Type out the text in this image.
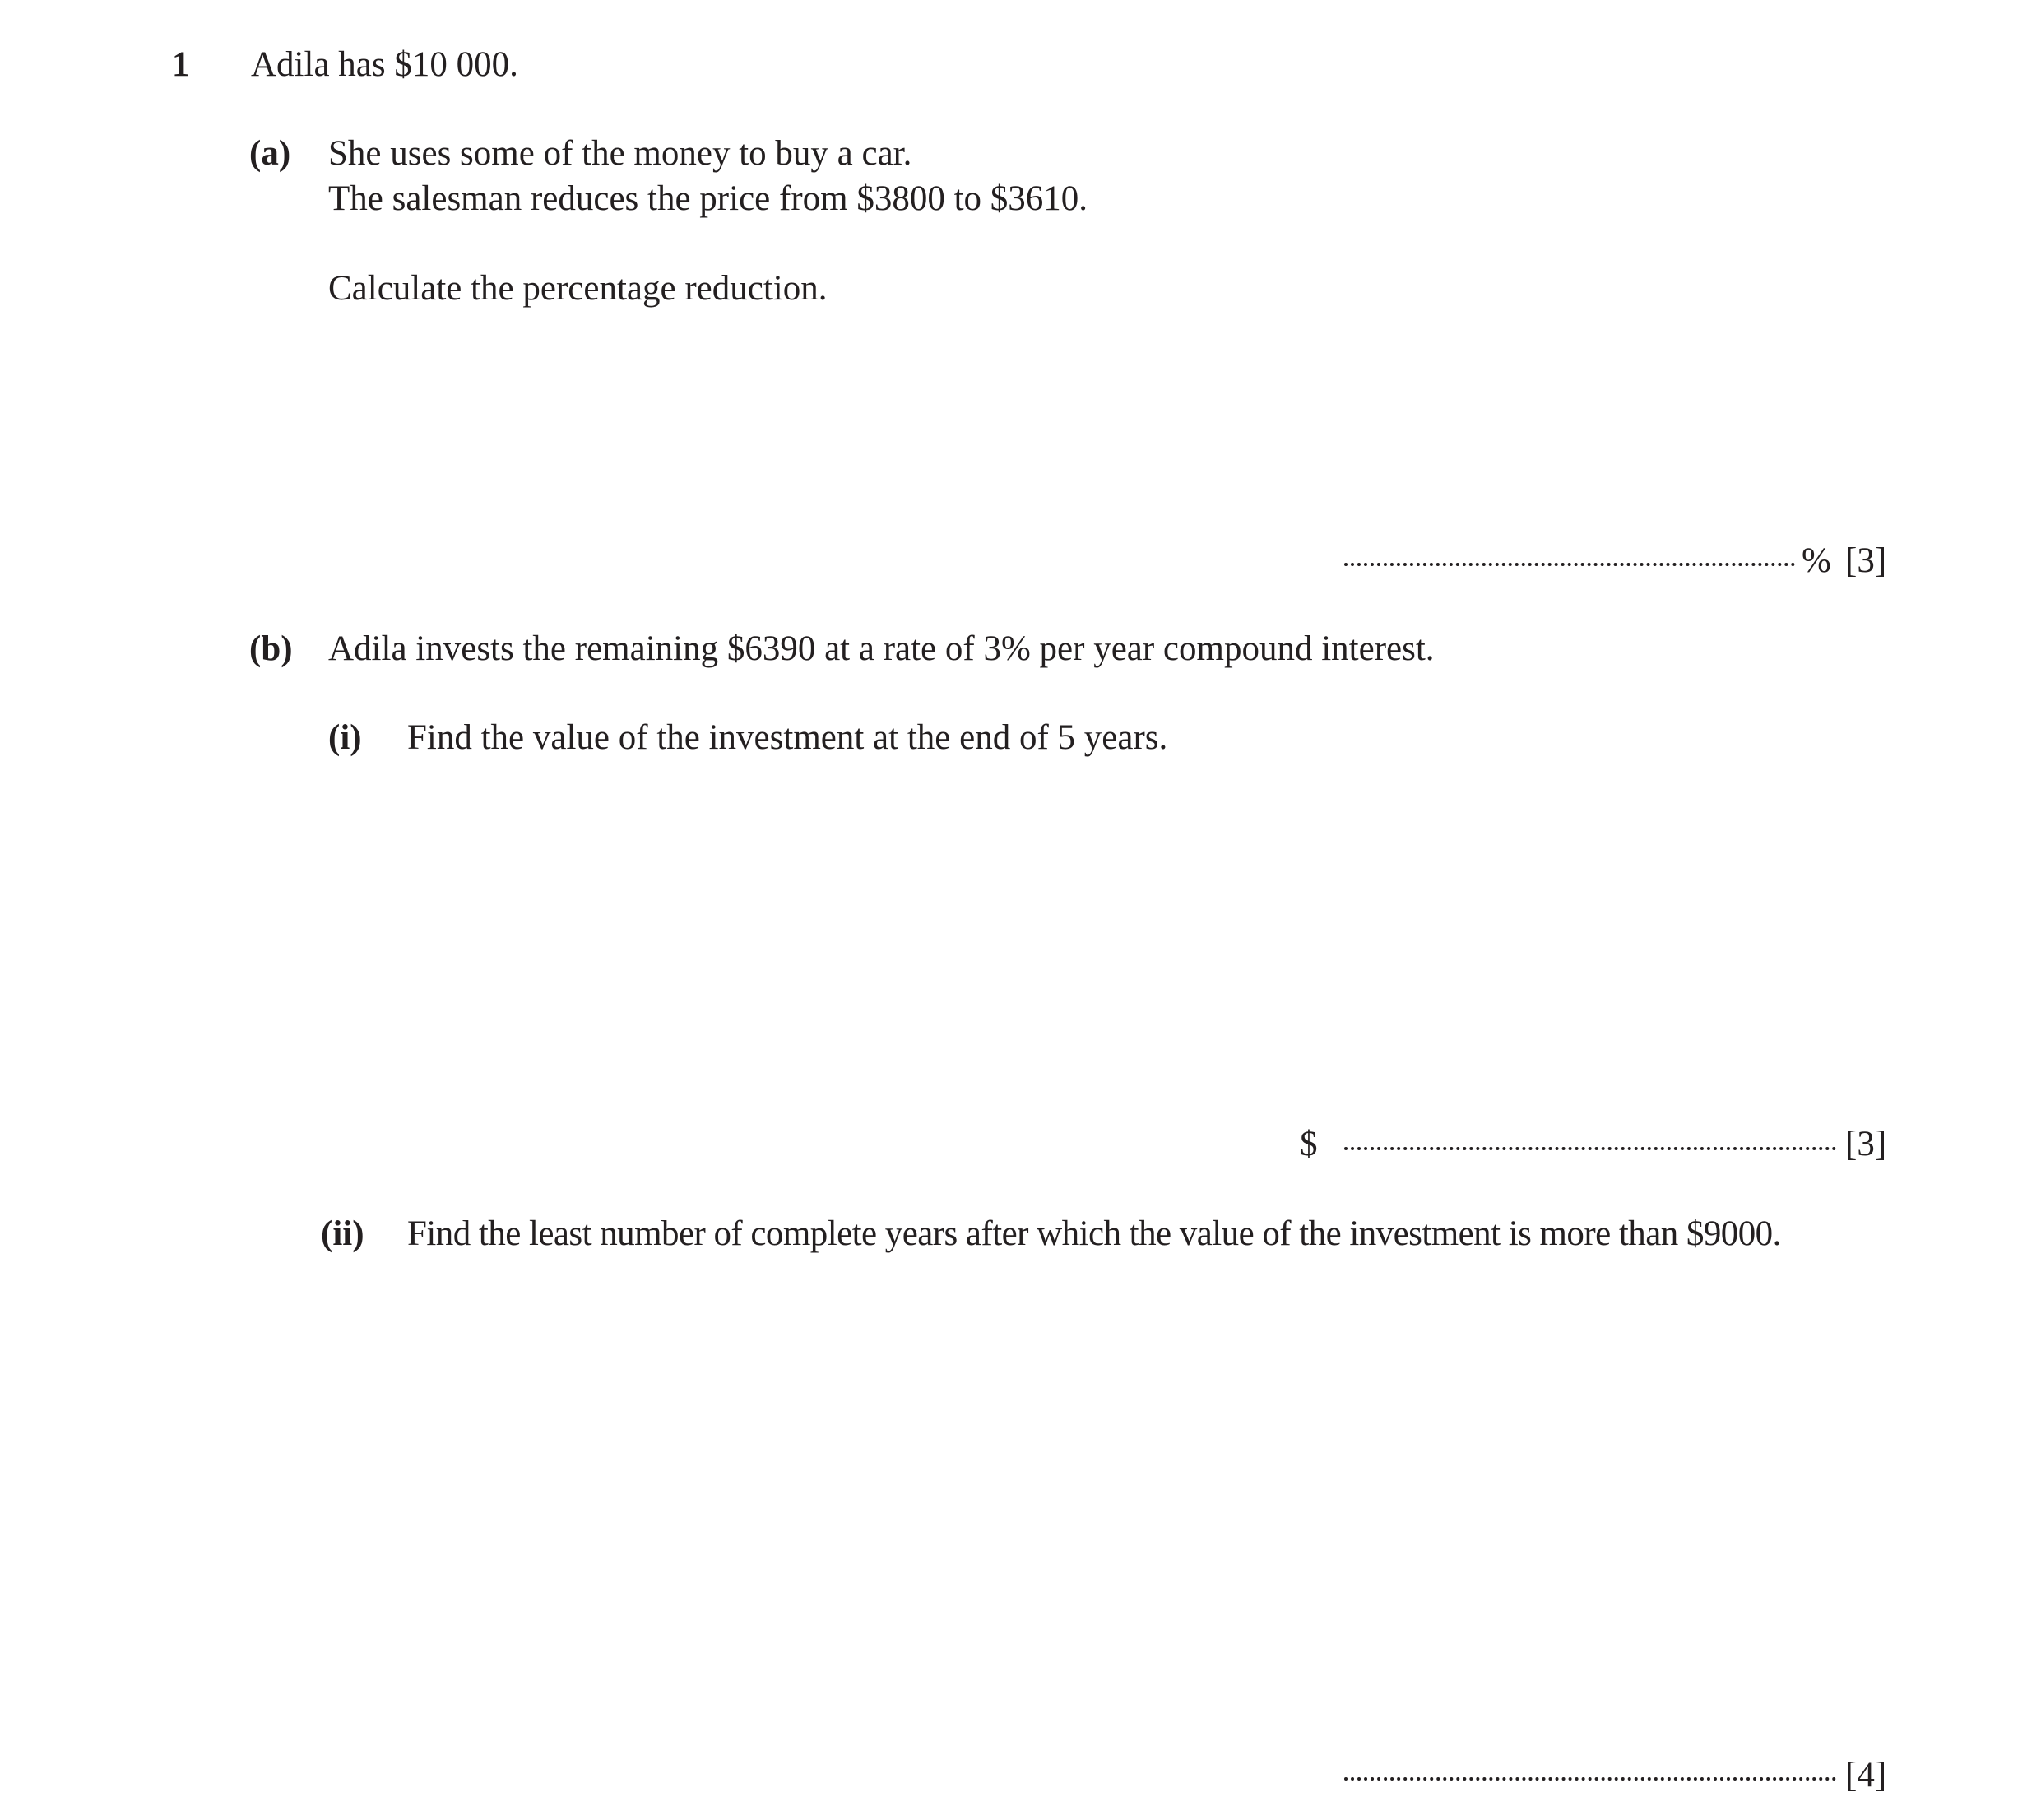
1 Adila has $10 000.
(a) She uses some of the money to buy a car.
The salesman reduces the price from $3800 to $3610.
Calculate the percentage reduction.
% [3]
(b) Adila invests the remaining $6390 at a rate of 3% per year compound interest.
(i) Find the value of the investment at the end of 5 years.
$	[3]
(ii) Find the least number of complete years after which the value of the investment is more than $9000.
[4]
